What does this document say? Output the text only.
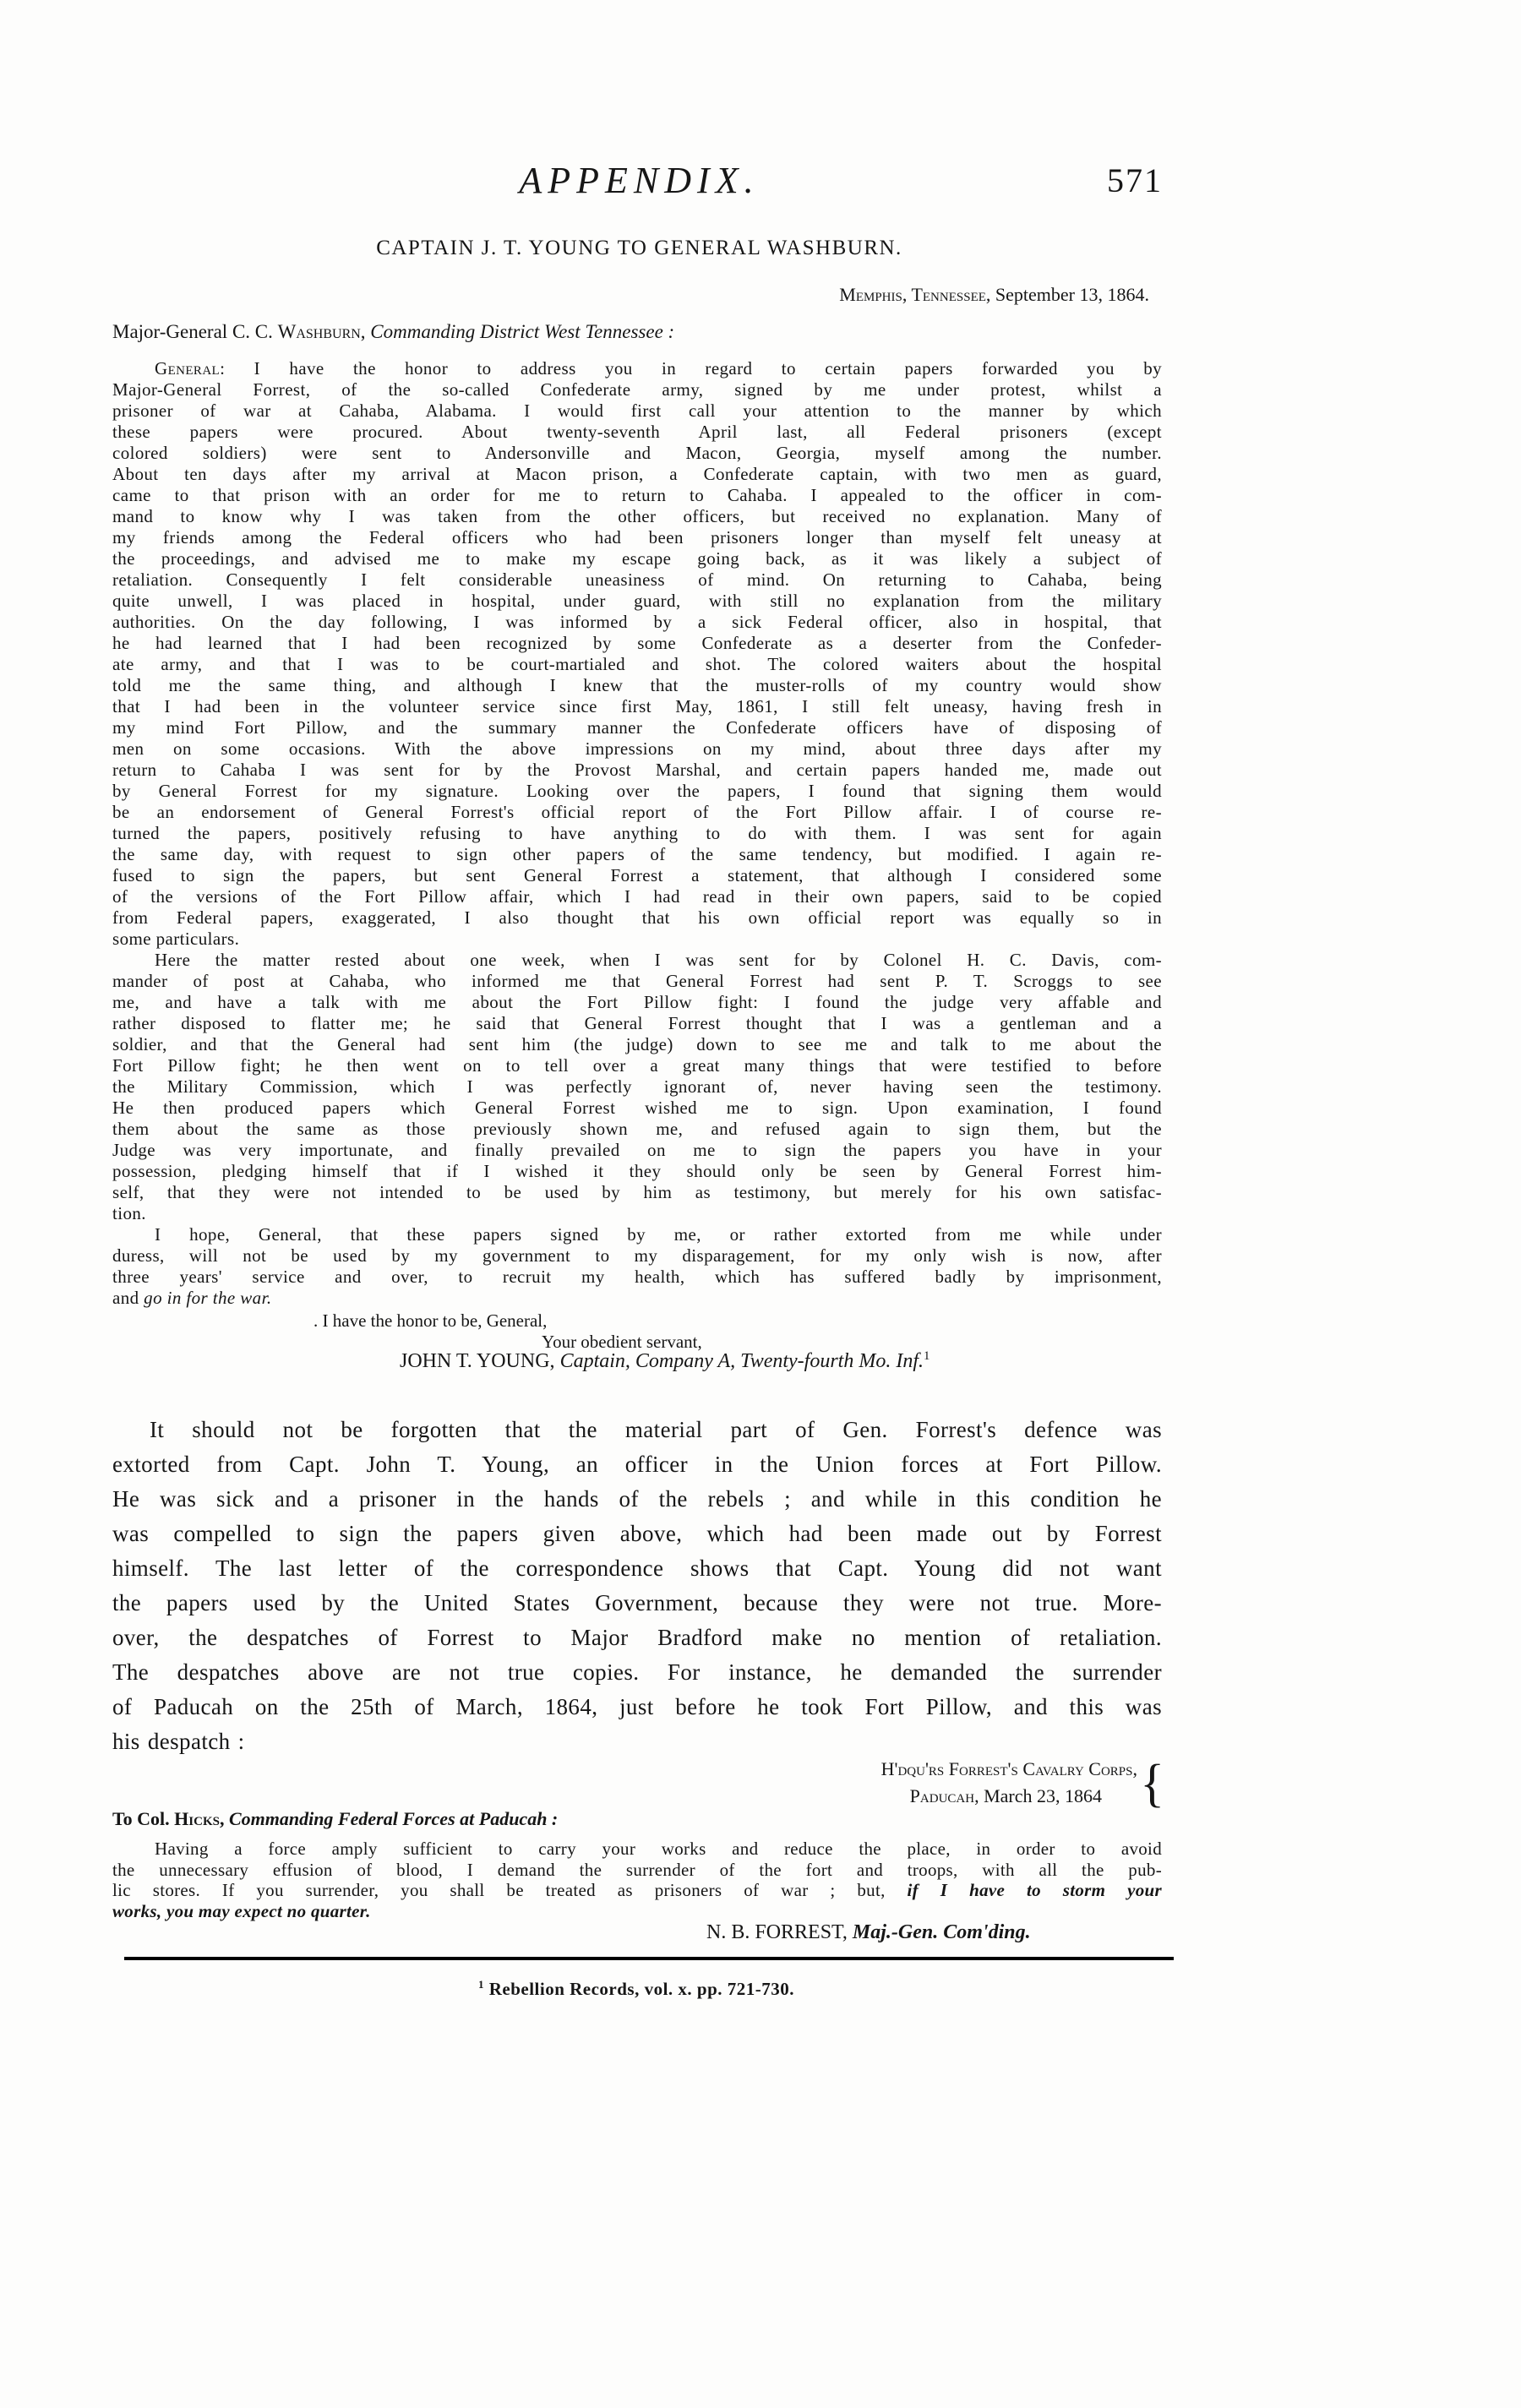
APPENDIX.	571
CAPTAIN J. T. YOUNG TO GENERAL WASHBURN.
Memphis, Tennessee, September 13, 1864.
Major-General C. C. Washburn, Commanding District West Tennessee :
General: I have the honor to address you in regard to certain papers forwarded you by
Major-General Forrest, of the so-called Confederate army, signed by me under protest, whilst a
prisoner of war at Cahaba, Alabama. I would first call your attention to the manner by which
these papers were procured. About twenty-seventh April last, all Federal prisoners (except
colored soldiers) were sent to Andersonville and Macon, Georgia, myself among the number.
About ten days after my arrival at Macon prison, a Confederate captain, with two men as guard,
came to that prison with an order for me to return to Cahaba. I appealed to the officer in com-
mand to know why I was taken from the other officers, but received no explanation. Many of
my friends among the Federal officers who had been prisoners longer than myself felt uneasy at
the proceedings, and advised me to make my escape going back, as it was likely a subject of
retaliation. Consequently I felt considerable uneasiness of mind. On returning to Cahaba, being
quite unwell, I was placed in hospital, under guard, with still no explanation from the military
authorities. On the day following, I was informed by a sick Federal officer, also in hospital, that
he had learned that I had been recognized by some Confederate as a deserter from the Confeder-
ate army, and that I was to be court-martialed and shot. The colored waiters about the hospital
told me the same thing, and although I knew that the muster-rolls of my country would show
that I had been in the volunteer service since first May, 1861, I still felt uneasy, having fresh in
my mind Fort Pillow, and the summary manner the Confederate officers have of disposing of
men on some occasions. With the above impressions on my mind, about three days after my
return to Cahaba I was sent for by the Provost Marshal, and certain papers handed me, made out
by General Forrest for my signature. Looking over the papers, I found that signing them would
be an endorsement of General Forrest's official report of the Fort Pillow affair. I of course re-
turned the papers, positively refusing to have anything to do with them. I was sent for again
the same day, with request to sign other papers of the same tendency, but modified. I again re-
fused to sign the papers, but sent General Forrest a statement, that although I considered some
of the versions of the Fort Pillow affair, which I had read in their own papers, said to be copied
from Federal papers, exaggerated, I also thought that his own official report was equally so in
some particulars.
Here the matter rested about one week, when I was sent for by Colonel H. C. Davis, com-
mander of post at Cahaba, who informed me that General Forrest had sent P. T. Scroggs to see
me, and have a talk with me about the Fort Pillow fight: I found the judge very affable and
rather disposed to flatter me; he said that General Forrest thought that I was a gentleman and a
soldier, and that the General had sent him (the judge) down to see me and talk to me about the
Fort Pillow fight; he then went on to tell over a great many things that were testified to before
the Military Commission, which I was perfectly ignorant of, never having seen the testimony.
He then produced papers which General Forrest wished me to sign. Upon examination, I found
them about the same as those previously shown me, and refused again to sign them, but the
Judge was very importunate, and finally prevailed on me to sign the papers you have in your
possession, pledging himself that if I wished it they should only be seen by General Forrest him-
self, that they were not intended to be used by him as testimony, but merely for his own satisfac-
tion.
I hope, General, that these papers signed by me, or rather extorted from me while under
duress, will not be used by my government to my disparagement, for my only wish is now, after
three years' service and over, to recruit my health, which has suffered badly by imprisonment,
and go in for the war.
. I have the honor to be, General,
Your obedient servant,
JOHN T. YOUNG, Captain, Company A, Twenty-fourth Mo. Inf.$^1$
It should not be forgotten that the material part of Gen. Forrest's defence was
extorted from Capt. John T. Young, an officer in the Union forces at Fort Pillow.
He was sick and a prisoner in the hands of the rebels ; and while in this condition he
was compelled to sign the papers given above, which had been made out by Forrest
himself. The last letter of the correspondence shows that Capt. Young did not want
the papers used by the United States Government, because they were not true. More-
over, the despatches of Forrest to Major Bradford make no mention of retaliation.
The despatches above are not true copies. For instance, he demanded the surrender
of Paducah on the 25th of March, 1864, just before he took Fort Pillow, and this was
his despatch :
H'dqu'rs Forrest's Cavalry Corps,
Paducah, March 23, 1864 {
To Col. Hicks, Commanding Federal Forces at Paducah :
Having a force amply sufficient to carry your works and reduce the place, in order to avoid
the unnecessary effusion of blood, I demand the surrender of the fort and troops, with all the pub-
lic stores. If you surrender, you shall be treated as prisoners of war ; but, if I have to storm your
works, you may expect no quarter.
N. B. FORREST, Maj.-Gen. Com'ding.
$^1$ Rebellion Records, vol. x. pp. 721-730.
